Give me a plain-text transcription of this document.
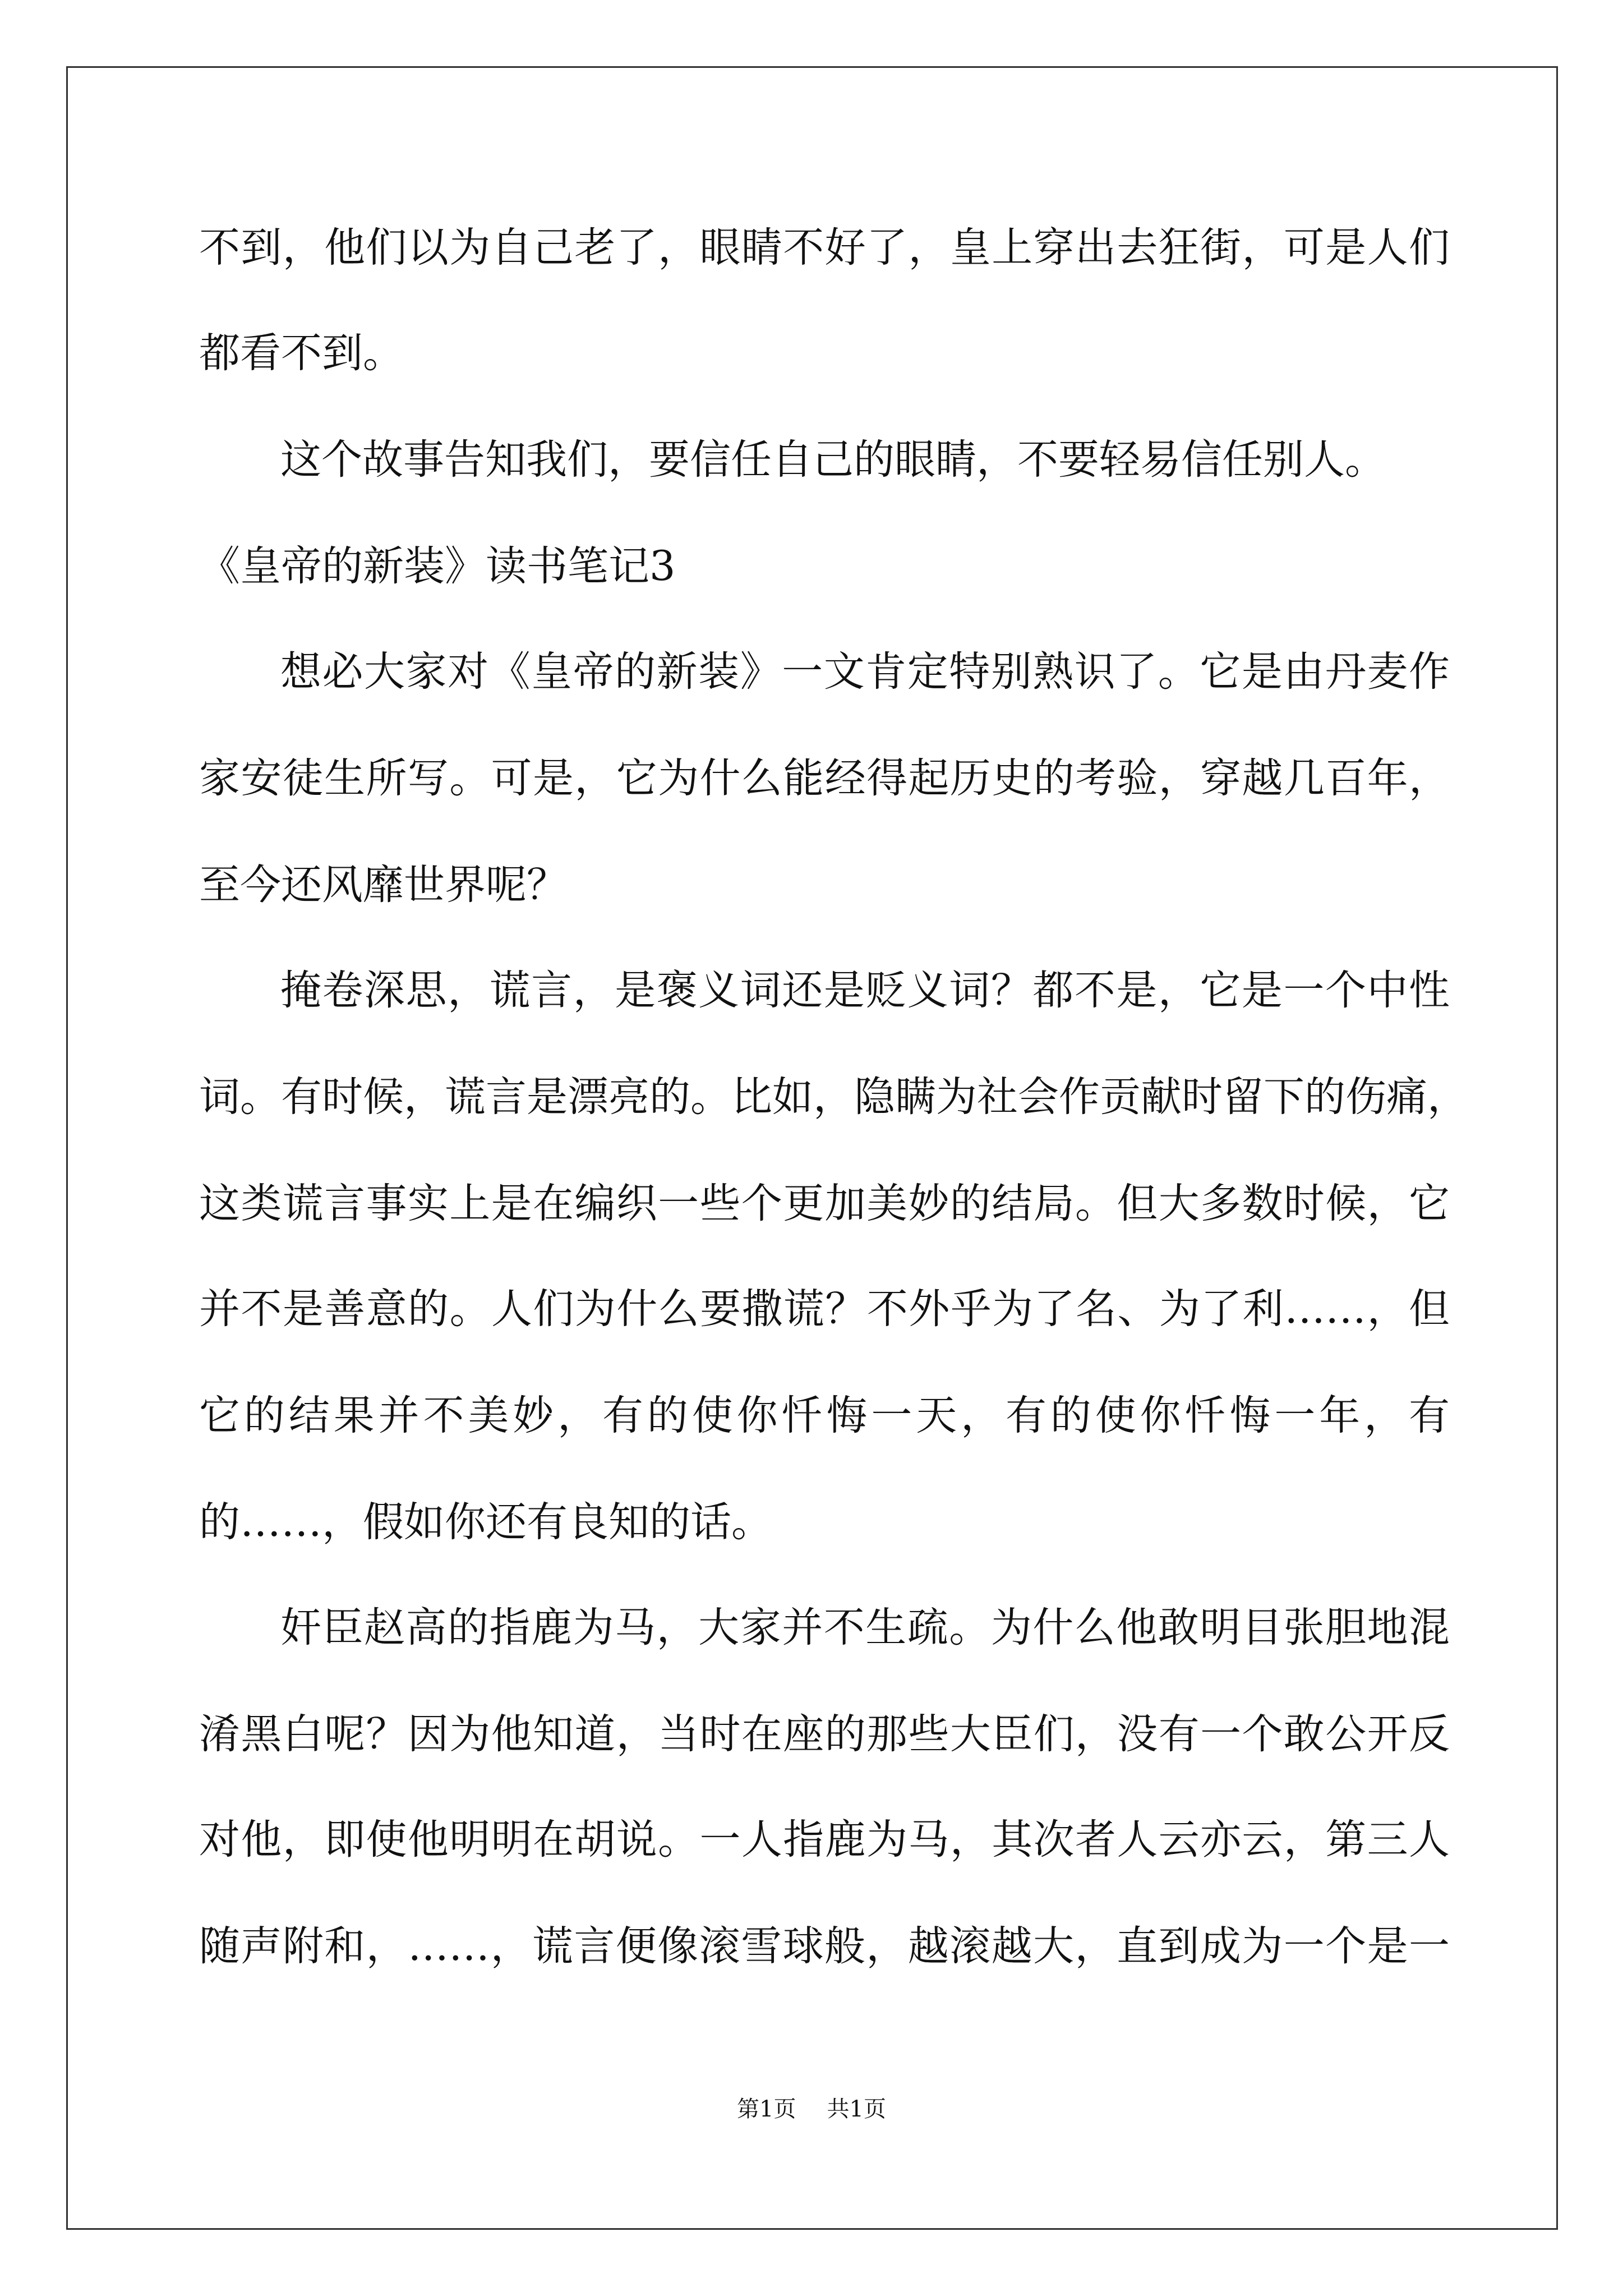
不到，他们以为自己老了，眼睛不好了，皇上穿出去狂街，可是人们
都看不到。
这个故事告知我们，要信任自己的眼睛，不要轻易信任别人。
《皇帝的新装》读书笔记3
想必大家对《皇帝的新装》一文肯定特别熟识了。它是由丹麦作
家安徒生所写。可是，它为什么能经得起历史的考验，穿越几百年，
至今还风靡世界呢？
掩卷深思，谎言，是褒义词还是贬义词？都不是，它是一个中性
词。有时候，谎言是漂亮的。比如，隐瞒为社会作贡献时留下的伤痛，
这类谎言事实上是在编织一些个更加美妙的结局。但大多数时候，它
并不是善意的。人们为什么要撒谎？不外乎为了名、为了利……，但
它的结果并不美妙，有的使你忏悔一天，有的使你忏悔一年，有
的……，假如你还有良知的话。
奸臣赵高的指鹿为马，大家并不生疏。为什么他敢明目张胆地混
淆黑白呢？因为他知道，当时在座的那些大臣们，没有一个敢公开反
对他，即使他明明在胡说。一人指鹿为马，其次者人云亦云，第三人
随声附和，……，谎言便像滚雪球般，越滚越大，直到成为一个是一
第1页 共1页
